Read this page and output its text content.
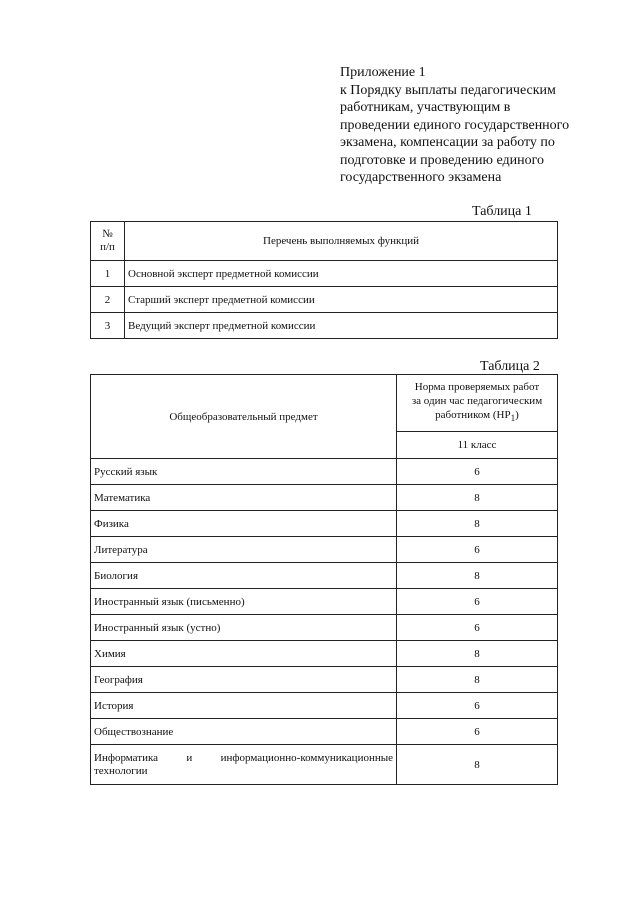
Приложение 1
к Порядку выплаты педагогическим
работникам, участвующим в
проведении единого государственного
экзамена, компенсации за работу по
подготовке и проведению единого
государственного экзамена
Таблица 1
№
п/п	Перечень выполняемых функций
1	Основной эксперт предметной комиссии
2	Старший эксперт предметной комиссии
3	Ведущий эксперт предметной комиссии
Таблица 2
Общеобразовательный предмет	Норма проверяемых работ
за один час педагогическим
работником $(НР_1)$

	11 класс
Русский язык	6
Математика	8
Физика	8
Литература	6
Биология	8
Иностранный язык (письменно)	6
Иностранный язык (устно)	6
Химия	8
География	8
История	6
Обществознание	6
Информатика и информационно-коммуникационные технологии	8
